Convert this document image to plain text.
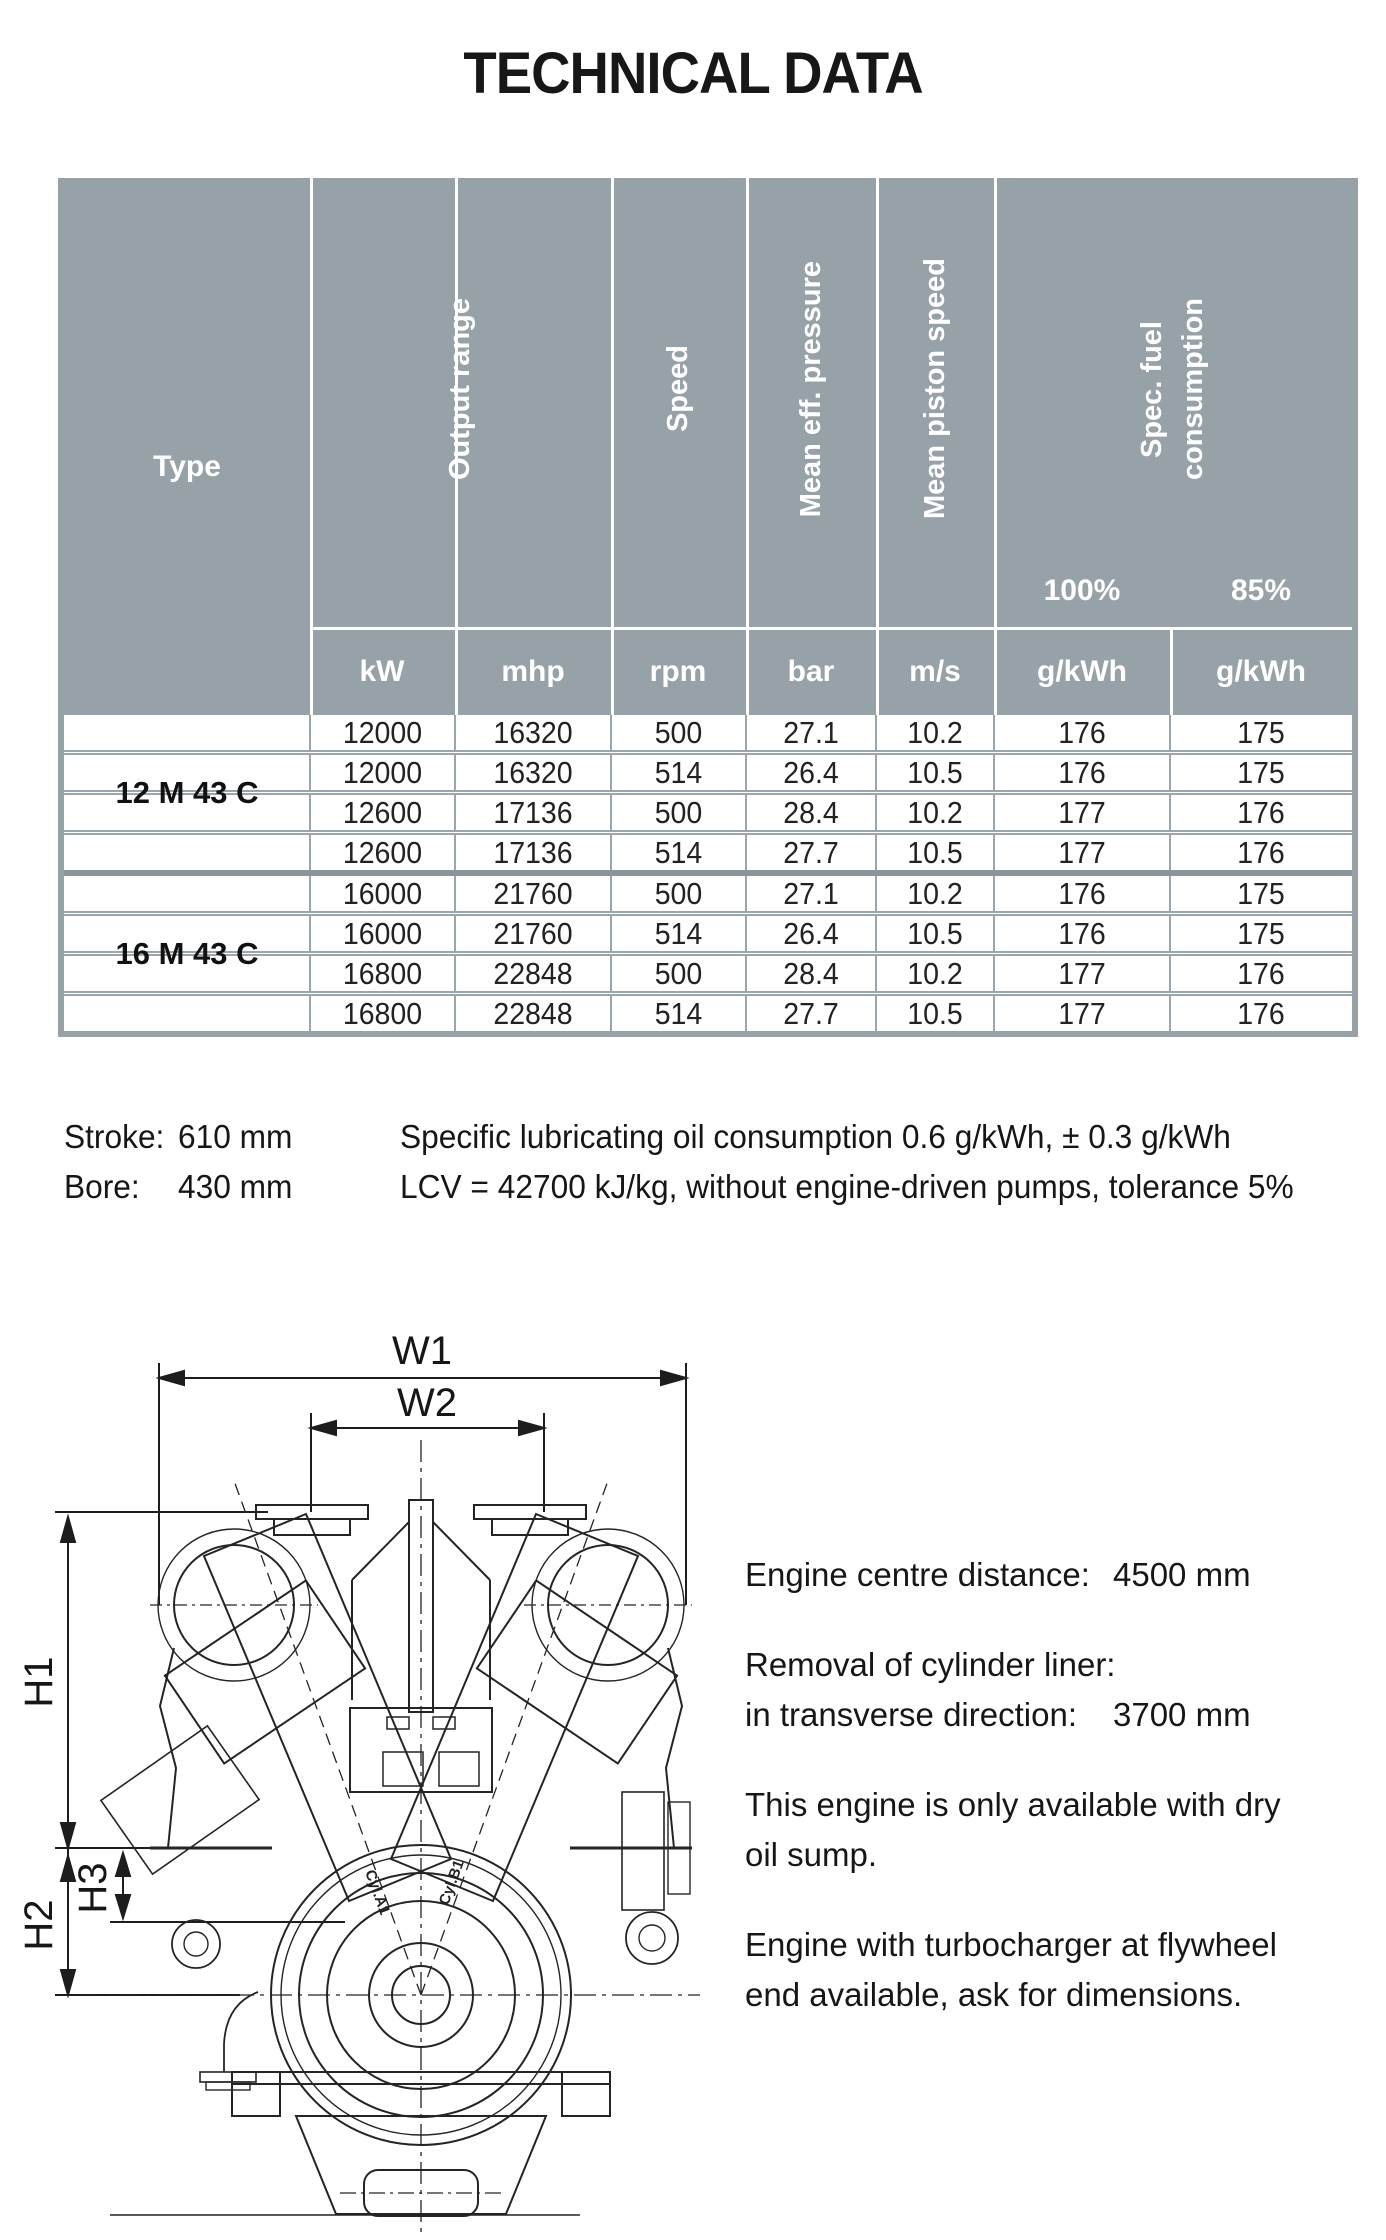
TECHNICAL DATA
Type	Output range	Speed	Mean eff. pressure	Mean piston speed	Spec. fuel consumption
100%	85%
kW	mhp	rpm	bar	m/s	g/kWh	g/kWh
12 M 43 C
12000	16320	500	27.1	10.2	176	175
12000	16320	514	26.4	10.5	176	175
12600	17136	500	28.4	10.2	177	176
12600	17136	514	27.7	10.5	177	176
16 M 43 C
16000	21760	500	27.1	10.2	176	175
16000	21760	514	26.4	10.5	176	175
16800	22848	500	28.4	10.2	177	176
16800	22848	514	27.7	10.5	177	176
Stroke: 610 mm
Bore: 430 mm
Specific lubricating oil consumption 0.6 g/kWh, ± 0.3 g/kWh
LCV = 42700 kJ/kg, without engine-driven pumps, tolerance 5%
W1
W2
H1
H2
H3	Cyl.A1	Cyl.B1
Engine centre distance: 4500 mm
Removal of cylinder liner:
in transverse direction: 3700 mm
This engine is only available with dry
oil sump.
Engine with turbocharger at flywheel
end available, ask for dimensions.
